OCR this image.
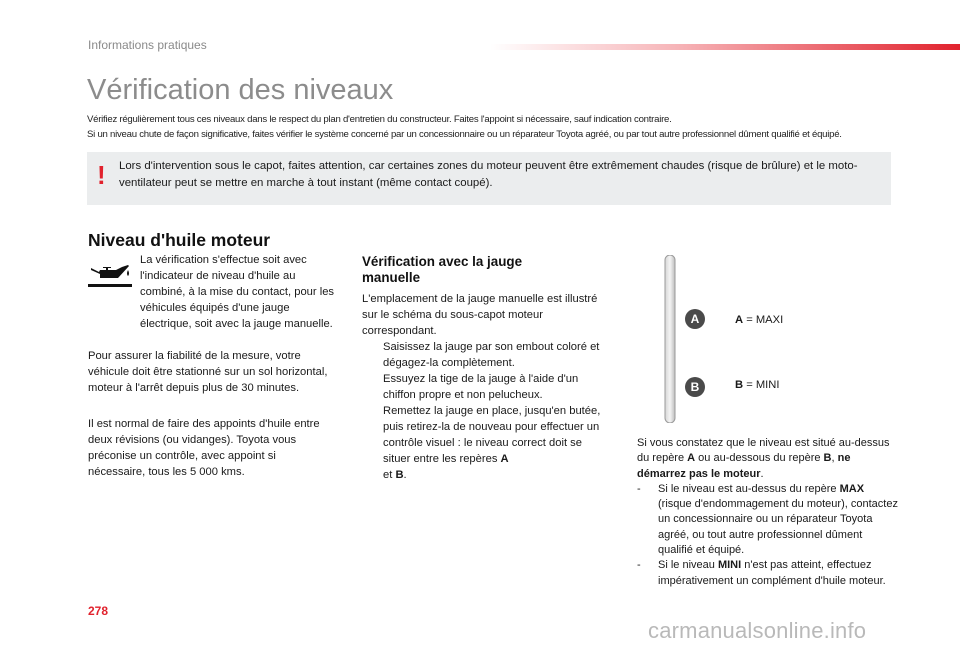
Informations pratiques
Vérification des niveaux
Vérifiez régulièrement tous ces niveaux dans le respect du plan d'entretien du constructeur. Faites l'appoint si nécessaire, sauf indication contraire.
Si un niveau chute de façon significative, faites vérifier le système concerné par un concessionnaire ou un réparateur Toyota agréé, ou par tout autre professionnel dûment qualifié et équipé.
! Lors d'intervention sous le capot, faites attention, car certaines zones du moteur peuvent être extrêmement chaudes (risque de brûlure) et le moto-ventilateur peut se mettre en marche à tout instant (même contact coupé).
Niveau d'huile moteur
La vérification s'effectue soit avec l'indicateur de niveau d'huile au combiné, à la mise du contact, pour les véhicules équipés d'une jauge électrique, soit avec la jauge manuelle.
Pour assurer la fiabilité de la mesure, votre véhicule doit être stationné sur un sol horizontal, moteur à l'arrêt depuis plus de 30 minutes.
Il est normal de faire des appoints d'huile entre deux révisions (ou vidanges). Toyota vous préconise un contrôle, avec appoint si nécessaire, tous les 5 000 kms.
Vérification avec la jauge manuelle
L'emplacement de la jauge manuelle est illustré sur le schéma du sous-capot moteur correspondant.
Saisissez la jauge par son embout coloré et dégagez-la complètement.
Essuyez la tige de la jauge à l'aide d'un chiffon propre et non pelucheux.
Remettez la jauge en place, jusqu'en butée, puis retirez-la de nouveau pour effectuer un contrôle visuel : le niveau correct doit se situer entre les repères A
et B.
A
B
A = MAXI
B = MINI
Si vous constatez que le niveau est situé au-dessus du repère A ou au-dessous du repère B, ne démarrez pas le moteur.
- Si le niveau est au-dessus du repère MAX (risque d'endommagement du moteur), contactez un concessionnaire ou un réparateur Toyota agréé, ou tout autre professionnel dûment qualifié et équipé.
- Si le niveau MINI n'est pas atteint, effectuez impérativement un complément d'huile moteur.
278
carmanualsonline.info
